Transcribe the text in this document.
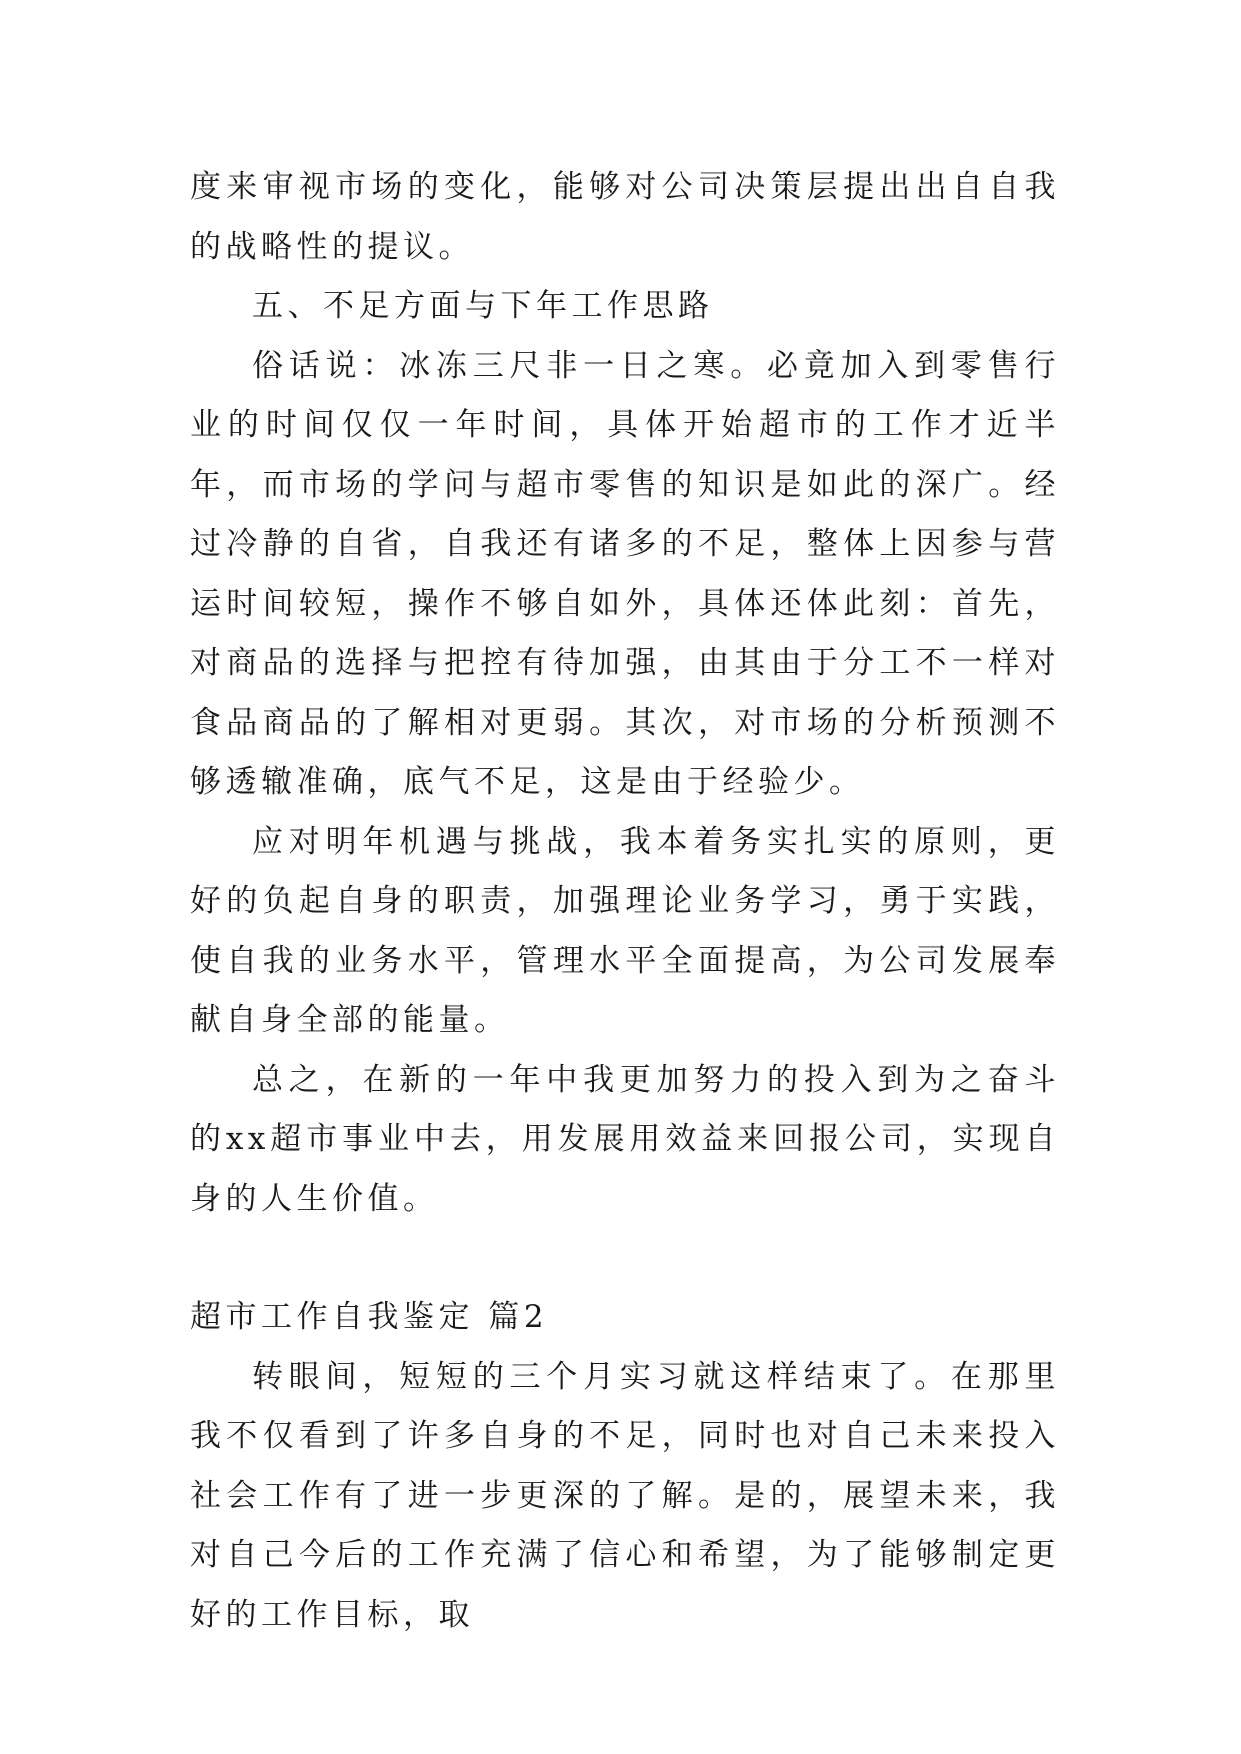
度来审视市场的变化，能够对公司决策层提出出自自我的战略性的提议。

五、不足方面与下年工作思路

俗话说：冰冻三尺非一日之寒。必竟加入到零售行业的时间仅仅一年时间，具体开始超市的工作才近半年，而市场的学问与超市零售的知识是如此的深广。经过冷静的自省，自我还有诸多的不足，整体上因参与营运时间较短，操作不够自如外，具体还体此刻：首先，对商品的选择与把控有待加强，由其由于分工不一样对食品商品的了解相对更弱。其次，对市场的分析预测不够透辙准确，底气不足，这是由于经验少。

应对明年机遇与挑战，我本着务实扎实的原则，更好的负起自身的职责，加强理论业务学习，勇于实践，使自我的业务水平，管理水平全面提高，为公司发展奉献自身全部的能量。

总之，在新的一年中我更加努力的投入到为之奋斗的xx超市事业中去，用发展用效益来回报公司，实现自身的人生价值。

超市工作自我鉴定 篇2

转眼间，短短的三个月实习就这样结束了。在那里我不仅看到了许多自身的不足，同时也对自己未来投入社会工作有了进一步更深的了解。是的，展望未来，我对自己今后的工作充满了信心和希望，为了能够制定更好的工作目标，取
